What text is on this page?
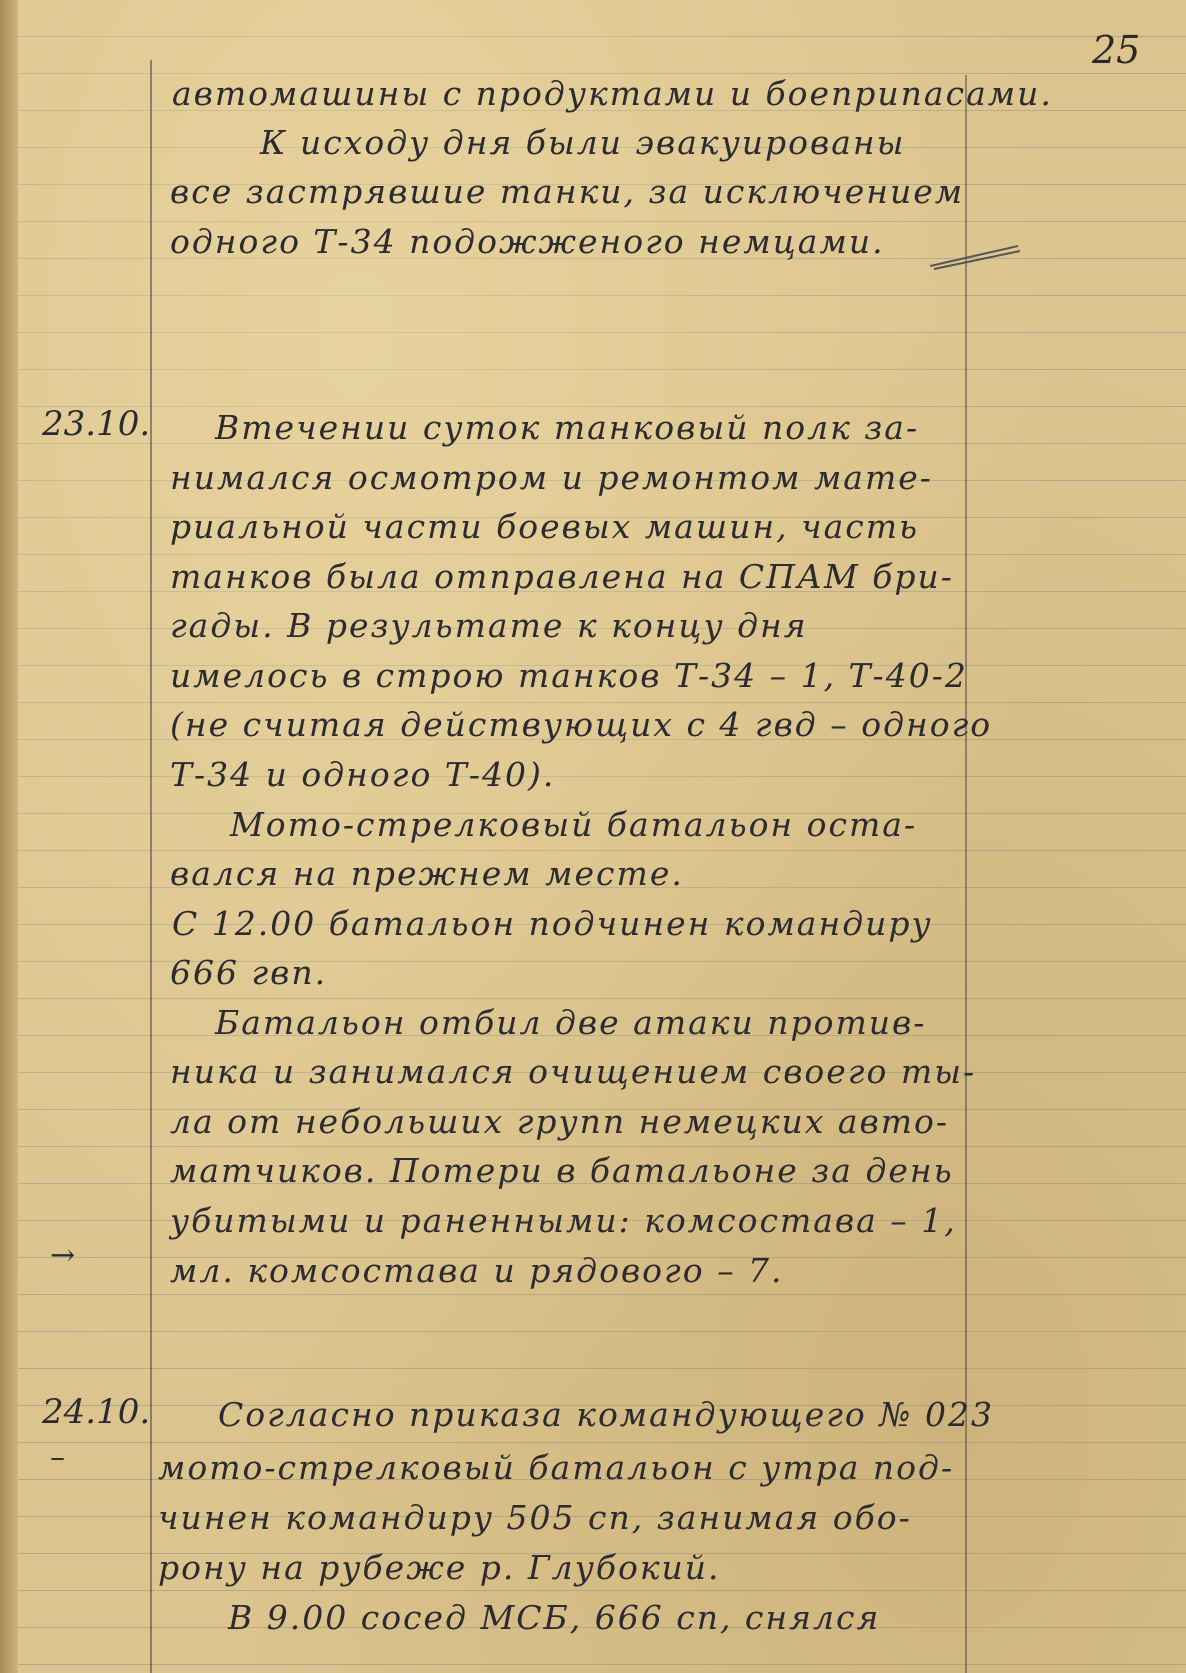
25
автомашины с продуктами и боеприпасами.
К исходу дня были эвакуированы
все застрявшие танки, за исключением
одного Т-34 подожженого немцами.
23.10. Втечении суток танковый полк за-
нимался осмотром и ремонтом мате-
риальной части боевых машин, часть
танков была отправлена на СПАМ бри-
гады. В результате к концу дня
имелось в строю танков Т-34 – 1, Т-40-2
(не считая действующих с 4 гвд – одного
Т-34 и одного Т-40).
Мото-стрелковый батальон оста-
вался на прежнем месте.
С 12.00 батальон подчинен командиру
666 гвп.
Батальон отбил две атаки против-
ника и занимался очищением своего ты-
ла от небольших групп немецких авто-
матчиков. Потери в батальоне за день
убитыми и раненными: комсостава – 1,
мл. комсостава и рядового – 7.
→
24.10. Согласно приказа командующего № 023
мото-стрелковый батальон с утра под-
чинен командиру 505 сп, занимая обо-
рону на рубеже р. Глубокий.
В 9.00 сосед МСБ, 666 сп, снялся
–
